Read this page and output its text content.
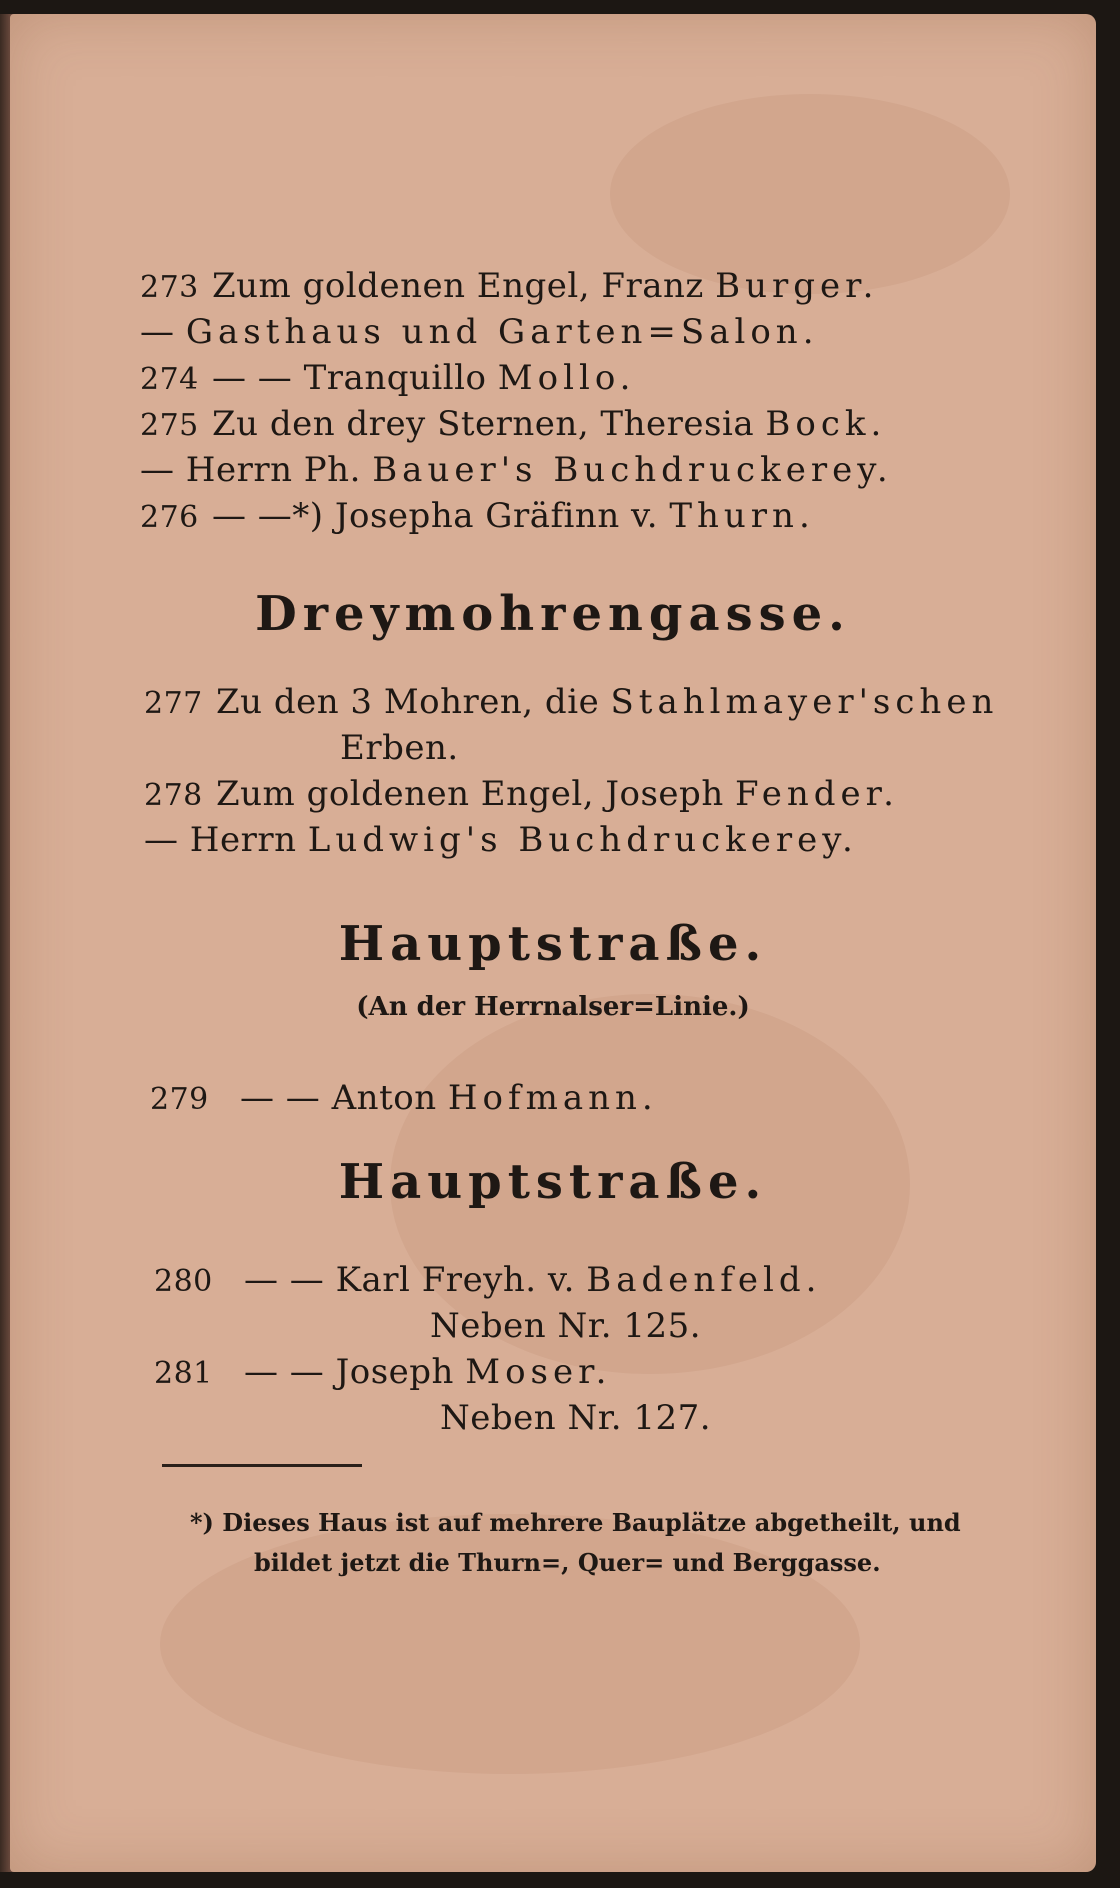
273 Zum goldenen Engel, Franz Burger.
— Gasthaus und Garten=Salon.
274 — — Tranquillo Mollo.
275 Zu den drey Sternen, Theresia Bock.
— Herrn Ph. Bauer's Buchdruckerey.
276 — —*) Josepha Gräfinn v. Thurn.
Dreymohrengasse.
277 Zu den 3 Mohren, die Stahlmayer'schen
Erben.
278 Zum goldenen Engel, Joseph Fender.
— Herrn Ludwig's Buchdruckerey.
Hauptstraße.
(An der Herrnalser=Linie.)
279 — — Anton Hofmann.
Hauptstraße.
280 — — Karl Freyh. v. Badenfeld.
Neben Nr. 125.
281 — — Joseph Moser.
Neben Nr. 127.
*) Dieses Haus ist auf mehrere Bauplätze abgetheilt, und
bildet jetzt die Thurn=, Quer= und Berggasse.
